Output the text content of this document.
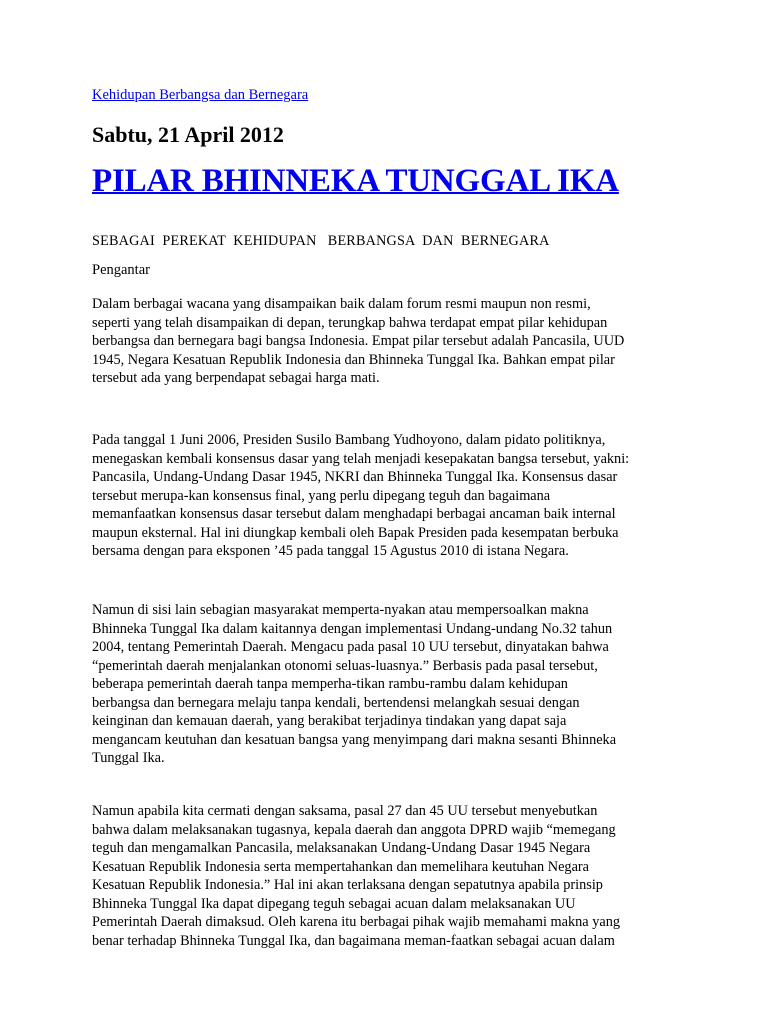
Kehidupan Berbangsa dan Bernegara
Sabtu, 21 April 2012
PILAR BHINNEKA TUNGGAL IKA
SEBAGAI  PEREKAT  KEHIDUPAN   BERBANGSA  DAN  BERNEGARA
Pengantar
Dalam berbagai wacana yang disampaikan baik dalam forum resmi maupun non resmi,
seperti yang telah disampaikan di depan, terungkap bahwa terdapat empat pilar kehidupan
berbangsa dan bernegara bagi bangsa Indonesia. Empat pilar tersebut adalah Pancasila, UUD
1945, Negara Kesatuan Republik Indonesia dan Bhinneka Tunggal Ika. Bahkan empat pilar
tersebut ada yang berpendapat sebagai harga mati.
Pada tanggal 1 Juni 2006, Presiden Susilo Bambang Yudhoyono, dalam pidato politiknya,
menegaskan kembali konsensus dasar yang telah menjadi kesepakatan bangsa tersebut, yakni:
Pancasila, Undang-Undang Dasar 1945, NKRI dan Bhinneka Tunggal Ika. Konsensus dasar
tersebut merupa-kan konsensus final, yang perlu dipegang teguh dan bagaimana
memanfaatkan konsensus dasar tersebut dalam menghadapi berbagai ancaman baik internal
maupun eksternal. Hal ini diungkap kembali oleh Bapak Presiden pada kesempatan berbuka
bersama dengan para eksponen ’45 pada tanggal 15 Agustus 2010 di istana Negara.
Namun di sisi lain sebagian masyarakat memperta-nyakan atau mempersoalkan makna
Bhinneka Tunggal Ika dalam kaitannya dengan implementasi Undang-undang No.32 tahun
2004, tentang Pemerintah Daerah. Mengacu pada pasal 10 UU tersebut, dinyatakan bahwa
“pemerintah daerah menjalankan otonomi seluas-luasnya.” Berbasis pada pasal tersebut,
beberapa pemerintah daerah tanpa memperha-tikan rambu-rambu dalam kehidupan
berbangsa dan bernegara melaju tanpa kendali, bertendensi melangkah sesuai dengan
keinginan dan kemauan daerah, yang berakibat terjadinya tindakan yang dapat saja
mengancam keutuhan dan kesatuan bangsa yang menyimpang dari makna sesanti Bhinneka
Tunggal Ika.
Namun apabila kita cermati dengan saksama, pasal 27 dan 45 UU tersebut menyebutkan
bahwa dalam melaksanakan tugasnya, kepala daerah dan anggota DPRD wajib “memegang
teguh dan mengamalkan Pancasila, melaksanakan Undang-Undang Dasar 1945 Negara
Kesatuan Republik Indonesia serta mempertahankan dan memelihara keutuhan Negara
Kesatuan Republik Indonesia.” Hal ini akan terlaksana dengan sepatutnya apabila prinsip
Bhinneka Tunggal Ika dapat dipegang teguh sebagai acuan dalam melaksanakan UU
Pemerintah Daerah dimaksud. Oleh karena itu berbagai pihak wajib memahami makna yang
benar terhadap Bhinneka Tunggal Ika, dan bagaimana meman-faatkan sebagai acuan dalam
